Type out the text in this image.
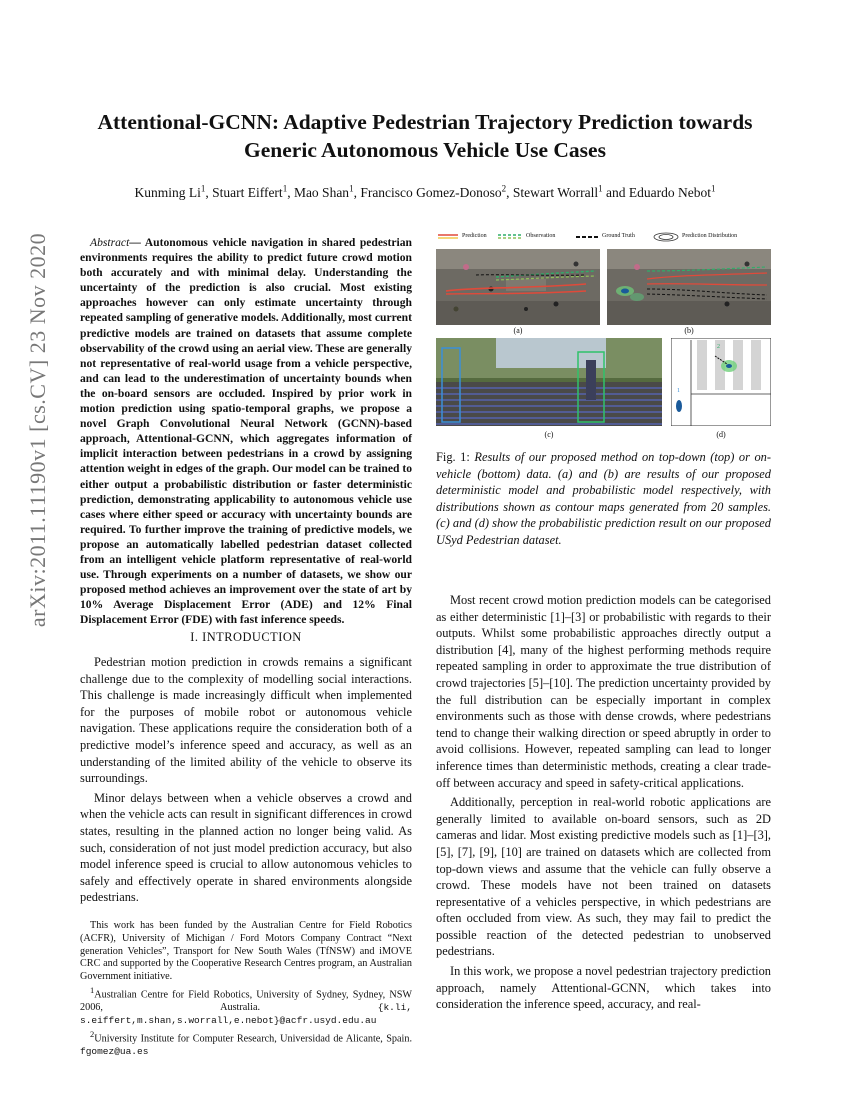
arXiv:2011.11190v1 [cs.CV] 23 Nov 2020
Attentional-GCNN: Adaptive Pedestrian Trajectory Prediction towards
Generic Autonomous Vehicle Use Cases
Kunming Li$^1$, Stuart Eiffert$^1$, Mao Shan$^1$, Francisco Gomez-Donoso$^2$, Stewart Worrall$^1$ and Eduardo Nebot$^1$
Abstract— Autonomous vehicle navigation in shared pedestrian environments requires the ability to predict future crowd motion both accurately and with minimal delay. Understanding the uncertainty of the prediction is also crucial. Most existing approaches however can only estimate uncertainty through repeated sampling of generative models. Additionally, most current predictive models are trained on datasets that assume complete observability of the crowd using an aerial view. These are generally not representative of real-world usage from a vehicle perspective, and can lead to the underestimation of uncertainty bounds when the on-board sensors are occluded. Inspired by prior work in motion prediction using spatio-temporal graphs, we propose a novel Graph Convolutional Neural Network (GCNN)-based approach, Attentional-GCNN, which aggregates information of implicit interaction between pedestrians in a crowd by assigning attention weight in edges of the graph. Our model can be trained to either output a probabilistic distribution or faster deterministic prediction, demonstrating applicability to autonomous vehicle use cases where either speed or accuracy with uncertainty bounds are required. To further improve the training of predictive models, we propose an automatically labelled pedestrian dataset collected from an intelligent vehicle platform representative of real-world use. Through experiments on a number of datasets, we show our proposed method achieves an improvement over the state of art by 10% Average Displacement Error (ADE) and 12% Final Displacement Error (FDE) with fast inference speeds.
I. INTRODUCTION

Pedestrian motion prediction in crowds remains a significant challenge due to the complexity of modelling social interactions. This challenge is made increasingly difficult when implemented for the purposes of mobile robot or autonomous vehicle navigation. These applications require the consideration both of a predictive model’s inference speed and accuracy, as well as an understanding of the limited ability of the vehicle to observe its surroundings.

Minor delays between when a vehicle observes a crowd and when the vehicle acts can result in significant differences in crowd states, resulting in the planned action no longer being valid. As such, consideration of not just model prediction accuracy, but also model inference speed is crucial to allow autonomous vehicles to safely and effectively operate in shared environments alongside pedestrians.

This work has been funded by the Australian Centre for Field Robotics (ACFR), University of Michigan / Ford Motors Company Contract “Next generation Vehicles”, Transport for New South Wales (TfNSW) and iMOVE CRC and supported by the Cooperative Research Centres program, an Australian Government initiative.
$^1$Australian Centre for Field Robotics, University of Sydney, Sydney, NSW 2006, Australia.	{k.li, s.eiffert,m.shan,s.worrall,e.nebot}@acfr.usyd.edu.au
$^2$University Institute for Computer Research, Universidad de Alicante, Spain. fgomez@ua.es
Prediction	Observation	Ground Truth	Prediction Distribution
(a)	(b)
(c)
2
1
(d)
Fig. 1: Results of our proposed method on top-down (top) or on-vehicle (bottom) data. (a) and (b) are results of our proposed deterministic model and probabilistic model respectively, with distributions shown as contour maps generated from 20 samples. (c) and (d) show the probabilistic prediction result on our proposed USyd Pedestrian dataset.

Most recent crowd motion prediction models can be categorised as either deterministic [1]–[3] or probabilistic with regards to their outputs. Whilst some probabilistic approaches directly output a distribution [4], many of the highest performing methods require repeated sampling in order to approximate the true distribution of crowd trajectories [5]–[10]. The prediction uncertainty provided by the full distribution can be especially important in complex environments such as those with dense crowds, where pedestrians tend to change their walking direction or speed abruptly in order to avoid collisions. However, repeated sampling can lead to longer inference times than deterministic methods, creating a clear trade-off between accuracy and speed in safety-critical applications.

Additionally, perception in real-world robotic applications are generally limited to available on-board sensors, such as 2D cameras and lidar. Most existing predictive models such as [1]–[3], [5], [7], [9], [10] are trained on datasets which are collected from top-down views and assume that the vehicle can fully observe a crowd. These models have not been trained on datasets representative of a vehicles perspective, in which pedestrians are often occluded from view. As such, they may fail to predict the possible reaction of the detected pedestrian to unobserved pedestrians.

In this work, we propose a novel pedestrian trajectory prediction approach, namely Attentional-GCNN, which takes into consideration the inference speed, accuracy, and real-
